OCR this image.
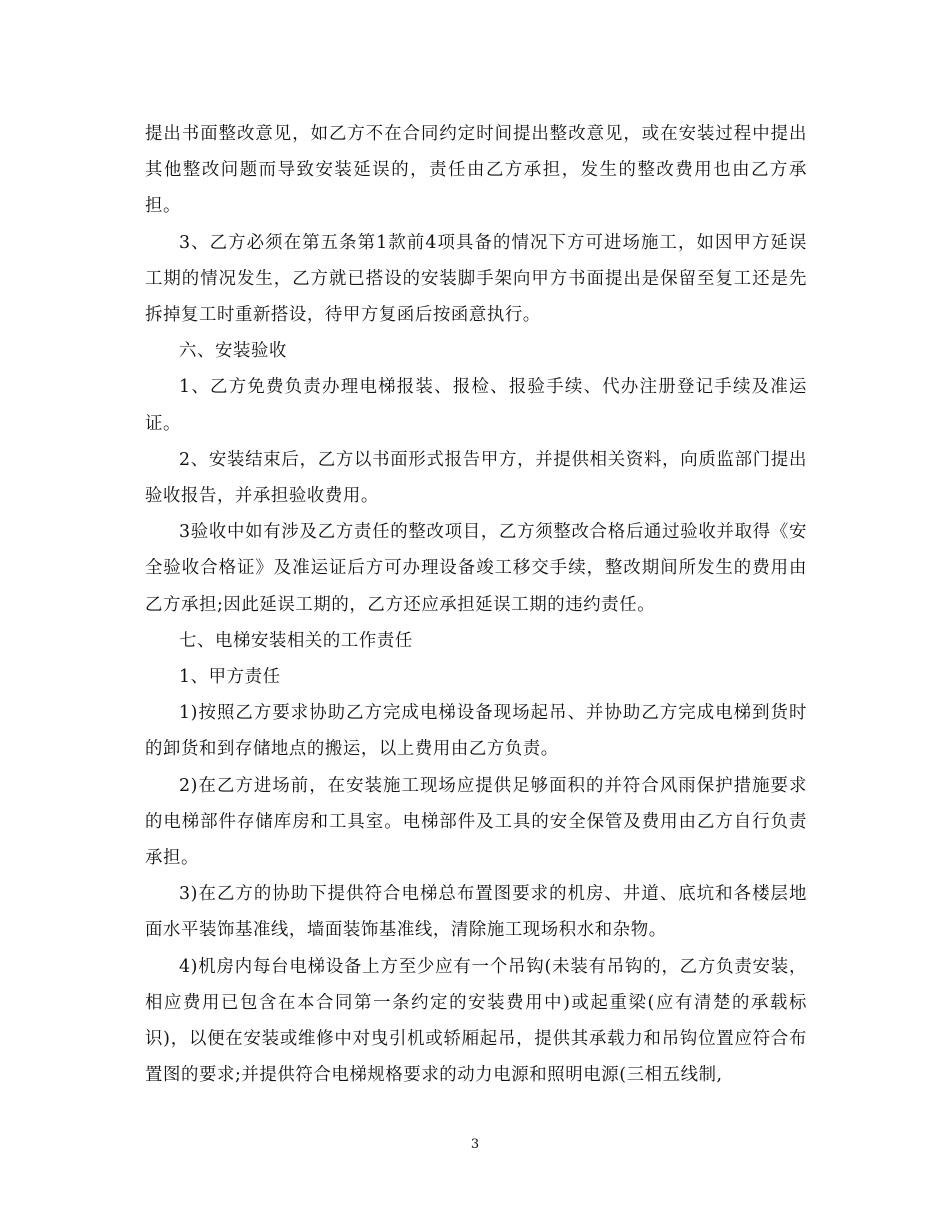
提出书面整改意见，如乙方不在合同约定时间提出整改意见，或在安装过程中提出其他整改问题而导致安装延误的，责任由乙方承担，发生的整改费用也由乙方承担。

3、乙方必须在第五条第1款前4项具备的情况下方可进场施工，如因甲方延误工期的情况发生，乙方就已搭设的安装脚手架向甲方书面提出是保留至复工还是先拆掉复工时重新搭设，待甲方复函后按函意执行。

六、安装验收

1、乙方免费负责办理电梯报装、报检、报验手续、代办注册登记手续及准运证。

2、安装结束后，乙方以书面形式报告甲方，并提供相关资料，向质监部门提出验收报告，并承担验收费用。

3验收中如有涉及乙方责任的整改项目，乙方须整改合格后通过验收并取得《安全验收合格证》及准运证后方可办理设备竣工移交手续，整改期间所发生的费用由乙方承担;因此延误工期的，乙方还应承担延误工期的违约责任。

七、电梯安装相关的工作责任

1、甲方责任

1)按照乙方要求协助乙方完成电梯设备现场起吊、并协助乙方完成电梯到货时的卸货和到存储地点的搬运，以上费用由乙方负责。

2)在乙方进场前，在安装施工现场应提供足够面积的并符合风雨保护措施要求的电梯部件存储库房和工具室。电梯部件及工具的安全保管及费用由乙方自行负责承担。

3)在乙方的协助下提供符合电梯总布置图要求的机房、井道、底坑和各楼层地面水平装饰基准线，墙面装饰基准线，清除施工现场积水和杂物。

4)机房内每台电梯设备上方至少应有一个吊钩(未装有吊钩的，乙方负责安装，相应费用已包含在本合同第一条约定的安装费用中)或起重梁(应有清楚的承载标识)，以便在安装或维修中对曳引机或轿厢起吊，提供其承载力和吊钩位置应符合布置图的要求;并提供符合电梯规格要求的动力电源和照明电源(三相五线制,

3
